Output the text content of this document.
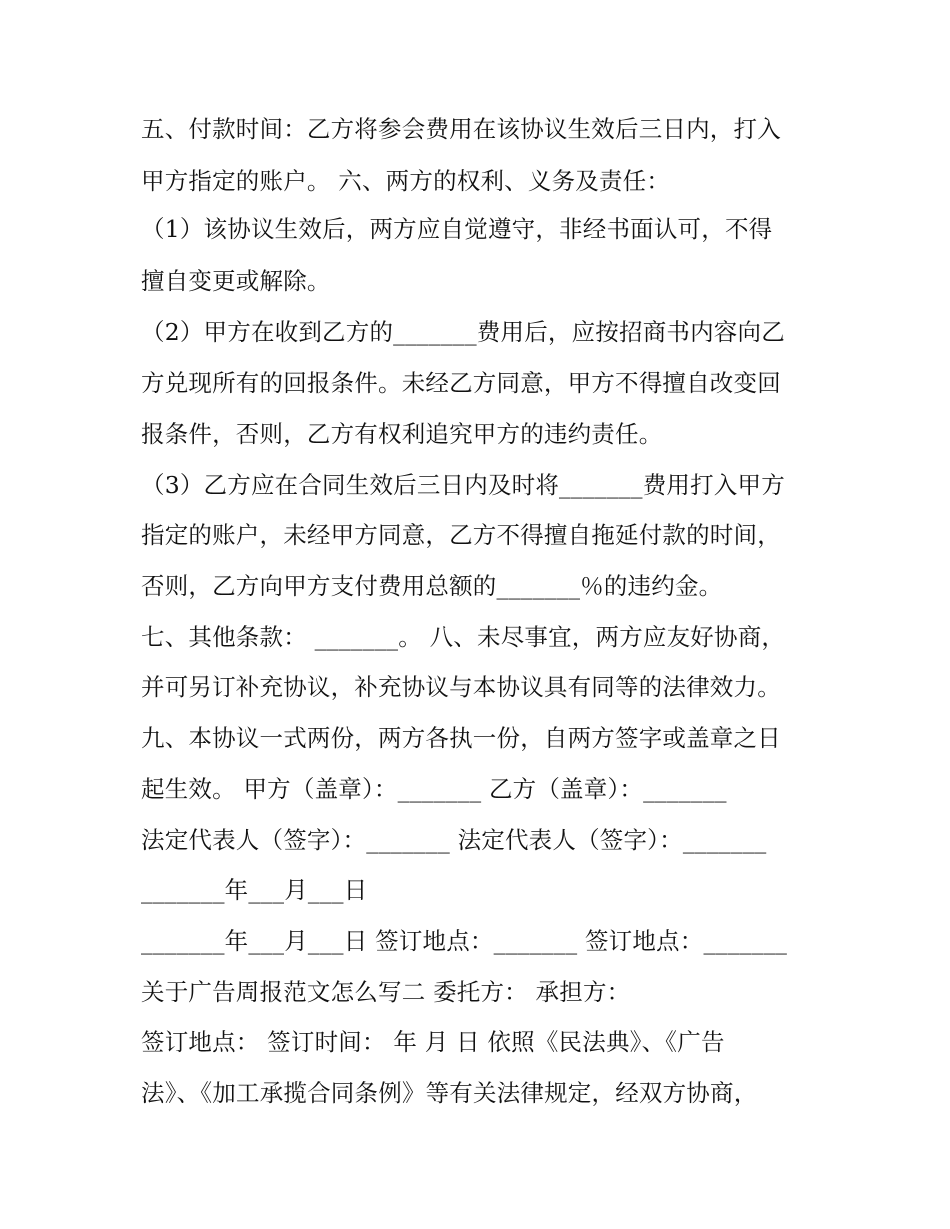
五、付款时间：乙方将参会费用在该协议生效后三日内，打入
甲方指定的账户。 六、两方的权利、义务及责任：
（1）该协议生效后，两方应自觉遵守，非经书面认可，不得
擅自变更或解除。
（2）甲方在收到乙方的_______费用后，应按招商书内容向乙
方兑现所有的回报条件。未经乙方同意，甲方不得擅自改变回
报条件，否则，乙方有权利追究甲方的违约责任。
（3）乙方应在合同生效后三日内及时将_______费用打入甲方
指定的账户，未经甲方同意，乙方不得擅自拖延付款的时间，
否则，乙方向甲方支付费用总额的_______％的违约金。
七、其他条款： _______。 八、未尽事宜，两方应友好协商，
并可另订补充协议，补充协议与本协议具有同等的法律效力。
九、本协议一式两份，两方各执一份，自两方签字或盖章之日
起生效。 甲方（盖章）：_______ 乙方（盖章）：_______
法定代表人（签字）：_______ 法定代表人（签字）：_______
_______年___月___日
_______年___月___日 签订地点：_______ 签订地点：_______
关于广告周报范文怎么写二 委托方： 承担方：
签订地点： 签订时间： 年 月 日 依照《民法典》、《广告
法》、《加工承揽合同条例》等有关法律规定，经双方协商，
